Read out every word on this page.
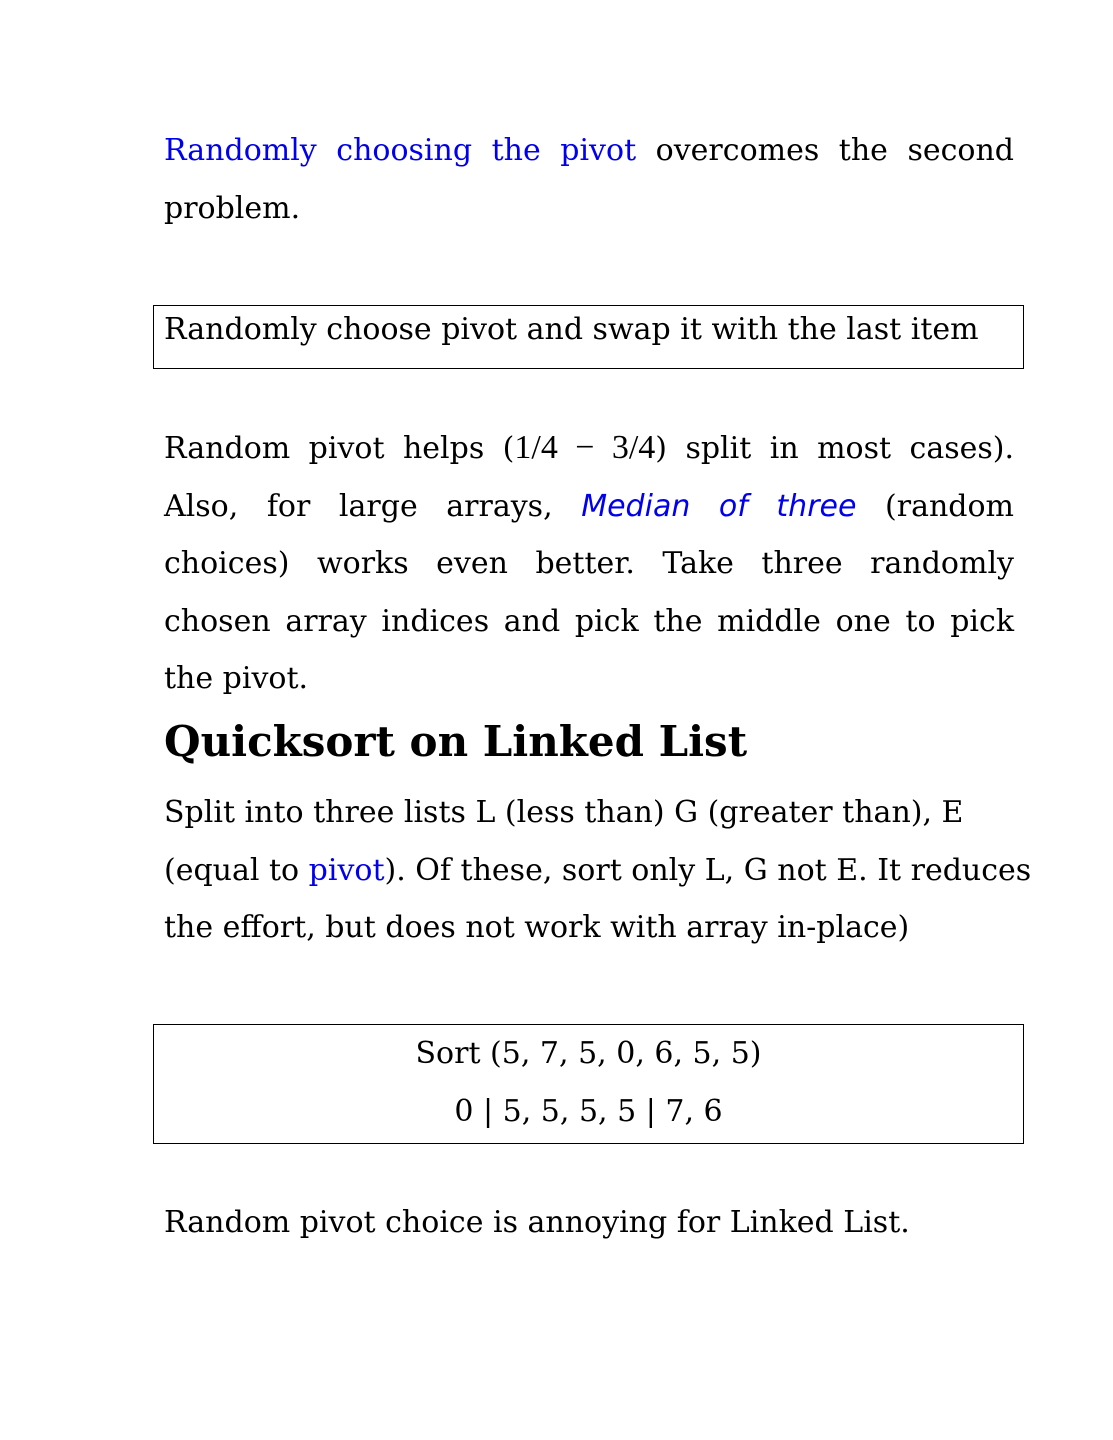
Randomly choosing the pivot overcomes the second problem.

Randomly choose pivot and swap it with the last item

Random pivot helps (1/4 − 3/4) split in most cases). Also, for large arrays, Median of three (random choices) works even better. Take three randomly chosen array indices and pick the middle one to pick the pivot.

Quicksort on Linked List
Split into three lists L (less than) G (greater than), E
(equal to pivot). Of these, sort only L, G not E. It reduces
the effort, but does not work with array in-place)
Sort (5, 7, 5, 0, 6, 5, 5)
0 | 5, 5, 5, 5 | 7, 6

Random pivot choice is annoying for Linked List.
